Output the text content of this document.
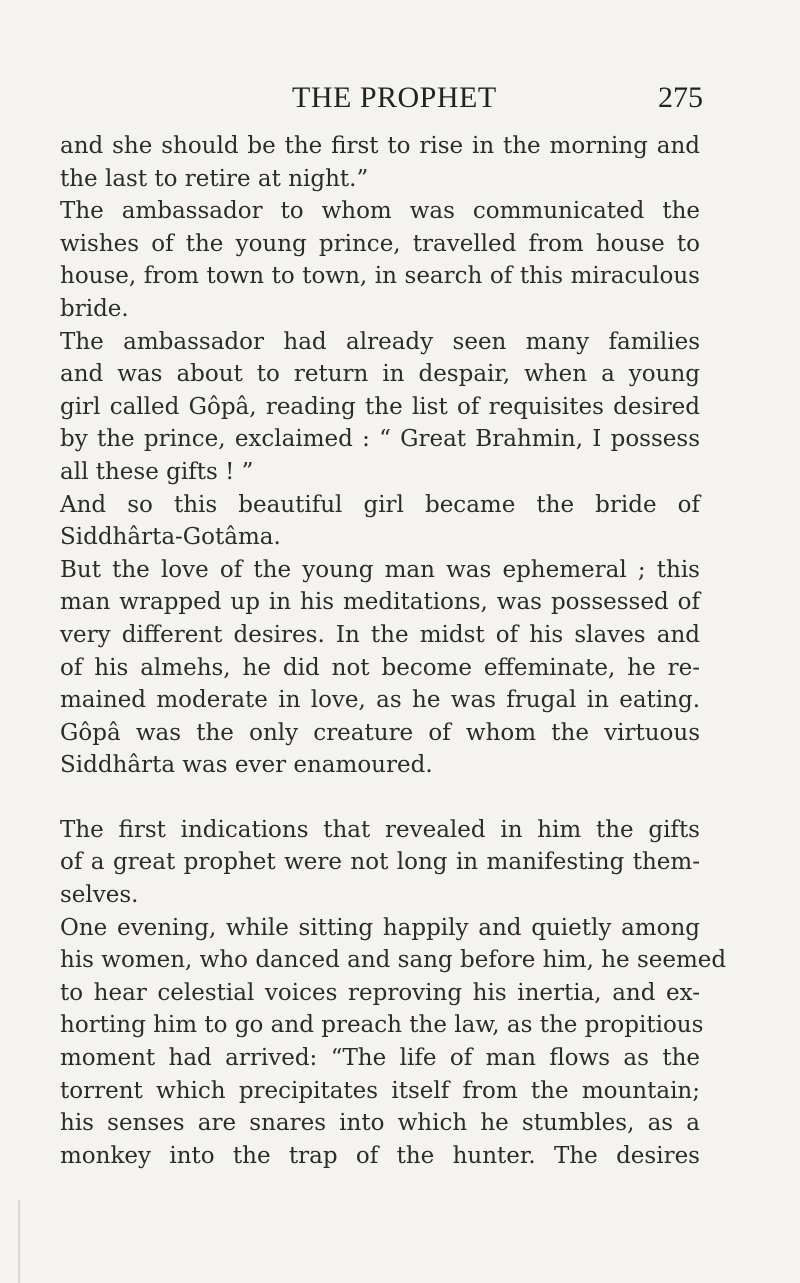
THE PROPHET	275
and she should be the first to rise in the morning and
the last to retire at night.”
The ambassador to whom was communicated the
wishes of the young prince, travelled from house to
house, from town to town, in search of this miraculous
bride.
The ambassador had already seen many families
and was about to return in despair, when a young
girl called Gôpâ, reading the list of requisites desired
by the prince, exclaimed : “ Great Brahmin, I possess
all these gifts ! ”
And so this beautiful girl became the bride of
Siddhârta-Gotâma.
But the love of the young man was ephemeral ; this
man wrapped up in his meditations, was possessed of
very different desires. In the midst of his slaves and
of his almehs, he did not become effeminate, he re-
mained moderate in love, as he was frugal in eating.
Gôpâ was the only creature of whom the virtuous
Siddhârta was ever enamoured.
The first indications that revealed in him the gifts
of a great prophet were not long in manifesting them-
selves.
One evening, while sitting happily and quietly among
his women, who danced and sang before him, he seemed
to hear celestial voices reproving his inertia, and ex-
horting him to go and preach the law, as the propitious
moment had arrived: “The life of man flows as the
torrent which precipitates itself from the mountain;
his senses are snares into which he stumbles, as a
monkey into the trap of the hunter. The desires
